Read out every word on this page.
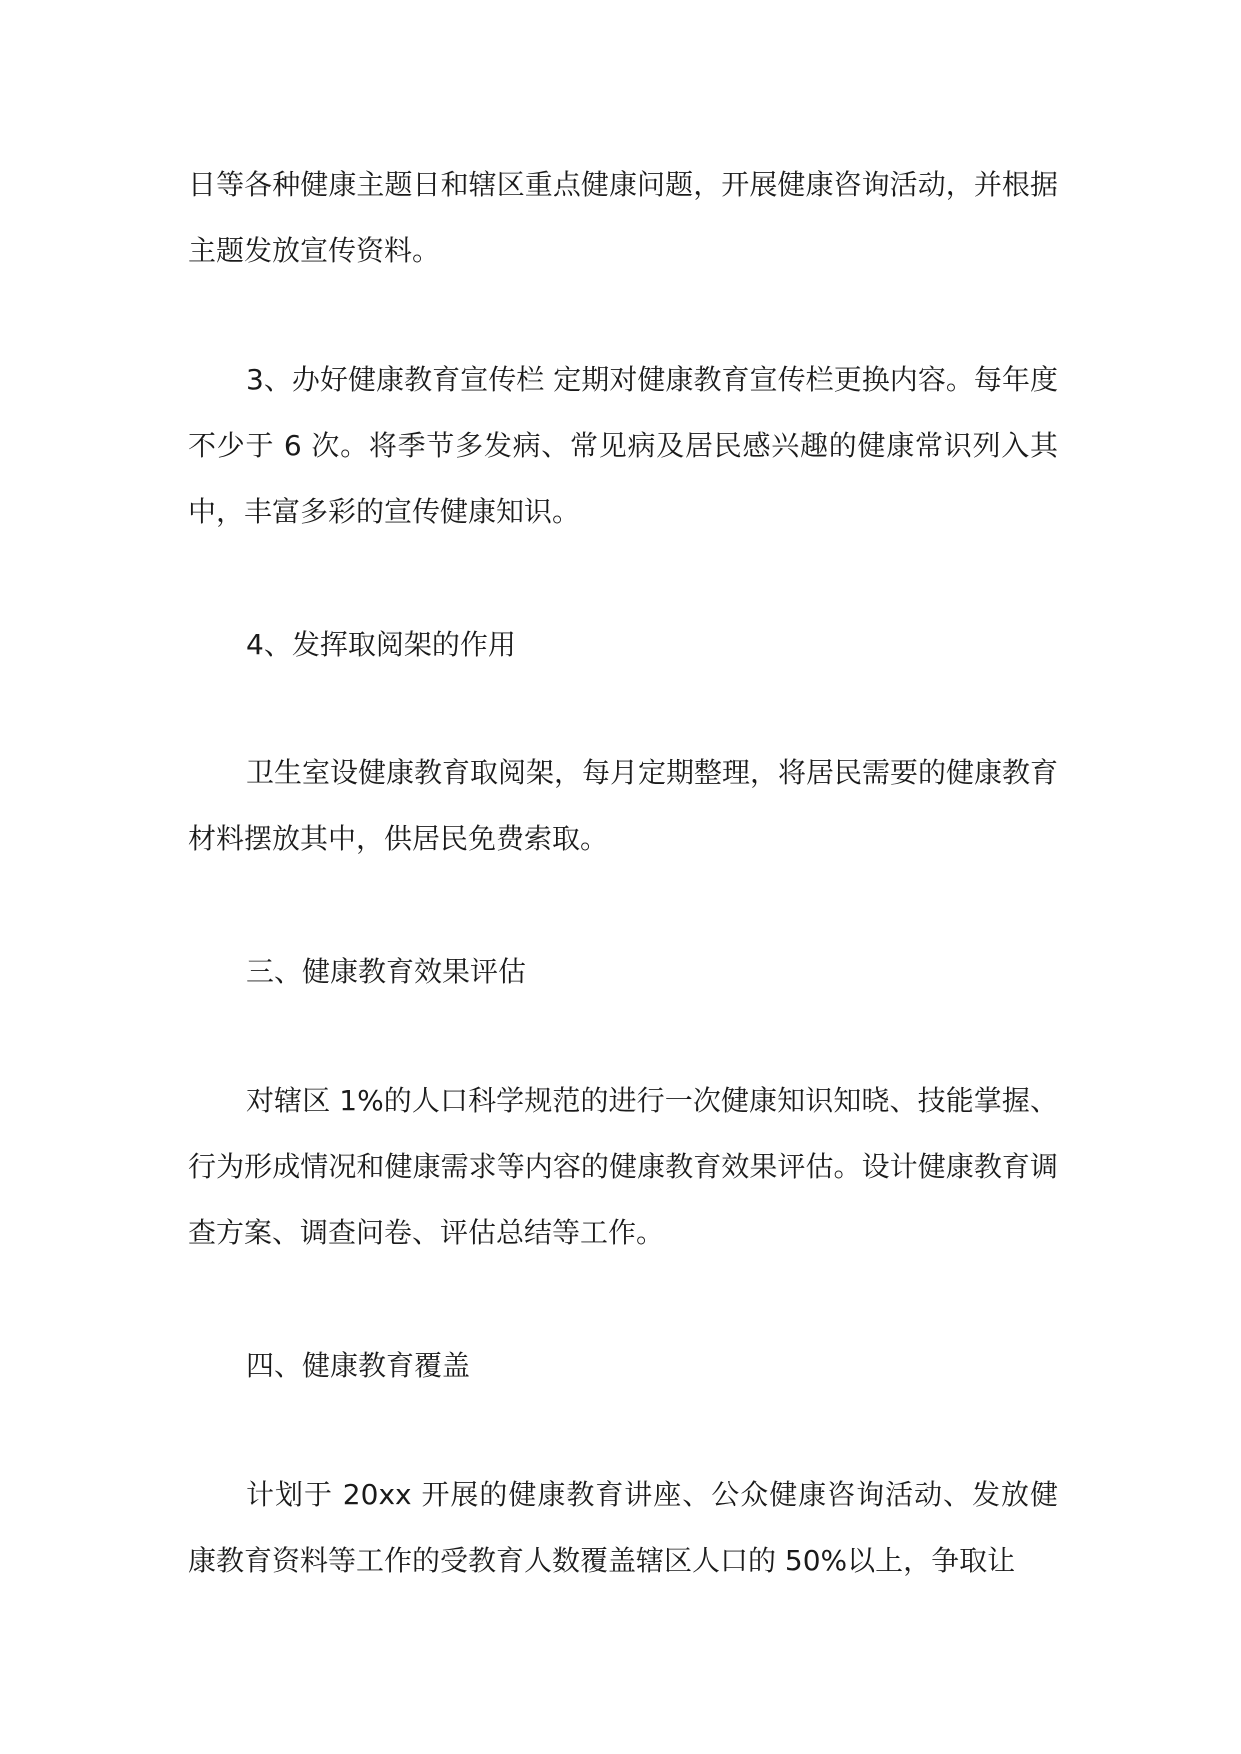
日等各种健康主题日和辖区重点健康问题，开展健康咨询活动，并根据主题发放宣传资料。

3、办好健康教育宣传栏 定期对健康教育宣传栏更换内容。每年度不少于 6 次。将季节多发病、常见病及居民感兴趣的健康常识列入其中，丰富多彩的宣传健康知识。

4、发挥取阅架的作用

卫生室设健康教育取阅架，每月定期整理，将居民需要的健康教育材料摆放其中，供居民免费索取。

三、健康教育效果评估

对辖区 1%的人口科学规范的进行一次健康知识知晓、技能掌握、行为形成情况和健康需求等内容的健康教育效果评估。设计健康教育调查方案、调查问卷、评估总结等工作。

四、健康教育覆盖

计划于 20xx 开展的健康教育讲座、公众健康咨询活动、发放健康教育资料等工作的受教育人数覆盖辖区人口的 50%以上，争取让
